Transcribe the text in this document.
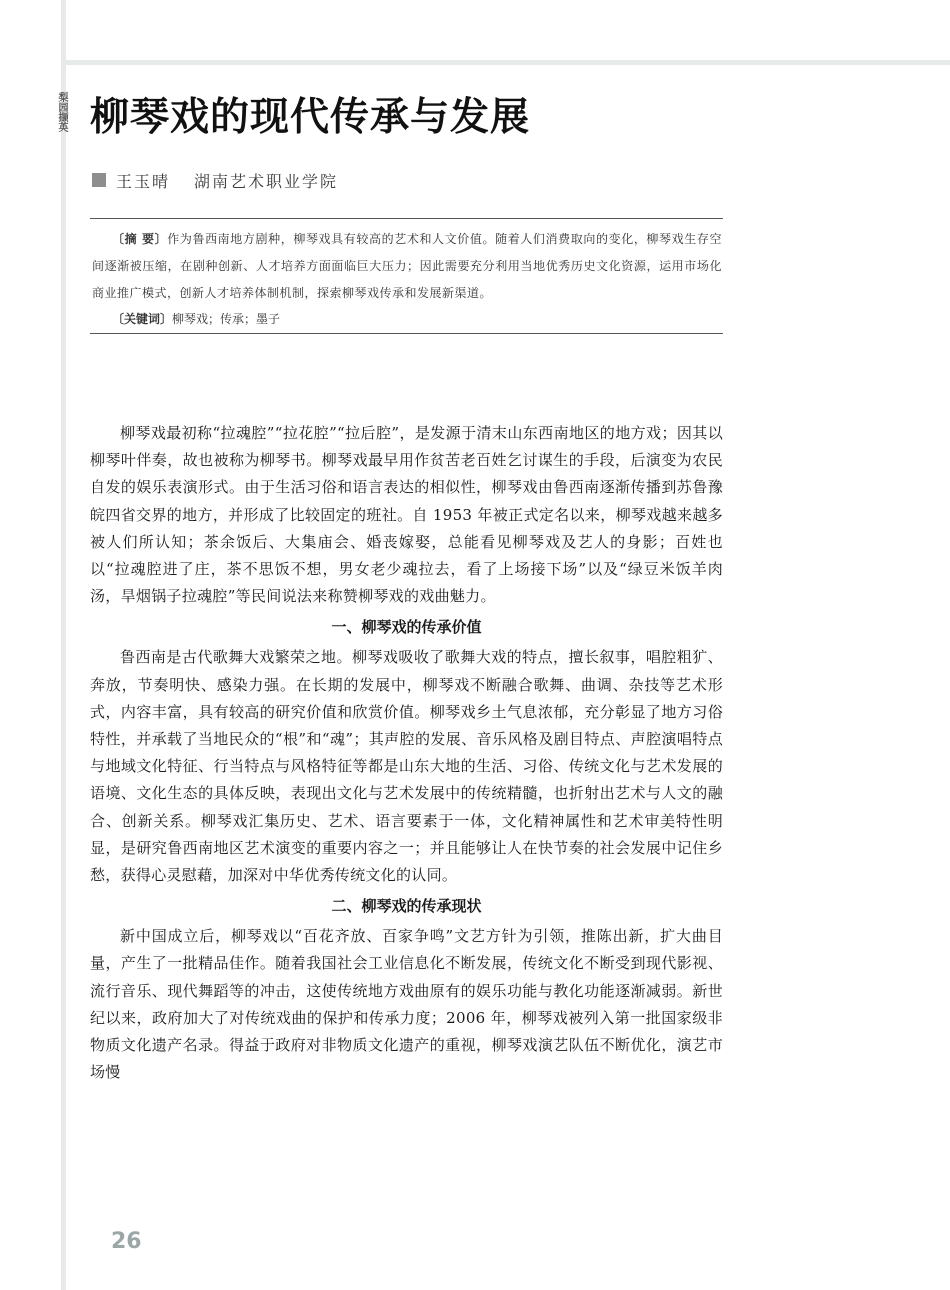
梨园撷英 柳琴戏的现代传承与发展
王玉晴 湖南艺术职业学院

〔摘 要〕作为鲁西南地方剧种，柳琴戏具有较高的艺术和人文价值。随着人们消费取向的变化，柳琴戏生存空间逐渐被压缩，在剧种创新、人才培养方面面临巨大压力；因此需要充分利用当地优秀历史文化资源，运用市场化商业推广模式，创新人才培养体制机制，探索柳琴戏传承和发展新渠道。

〔关键词〕柳琴戏；传承；墨子

柳琴戏最初称“拉魂腔”“拉花腔”“拉后腔”，是发源于清末山东西南地区的地方戏；因其以柳琴叶伴奏，故也被称为柳琴书。柳琴戏最早用作贫苦老百姓乞讨谋生的手段，后演变为农民自发的娱乐表演形式。由于生活习俗和语言表达的相似性，柳琴戏由鲁西南逐渐传播到苏鲁豫皖四省交界的地方，并形成了比较固定的班社。自 1953 年被正式定名以来，柳琴戏越来越多被人们所认知；茶余饭后、大集庙会、婚丧嫁娶，总能看见柳琴戏及艺人的身影；百姓也以“拉魂腔进了庄，茶不思饭不想，男女老少魂拉去，看了上场接下场”以及“绿豆米饭羊肉汤，旱烟锅子拉魂腔”等民间说法来称赞柳琴戏的戏曲魅力。

一、柳琴戏的传承价值

鲁西南是古代歌舞大戏繁荣之地。柳琴戏吸收了歌舞大戏的特点，擅长叙事，唱腔粗犷、奔放，节奏明快、感染力强。在长期的发展中，柳琴戏不断融合歌舞、曲调、杂技等艺术形式，内容丰富，具有较高的研究价值和欣赏价值。柳琴戏乡土气息浓郁，充分彰显了地方习俗特性，并承载了当地民众的“根”和“魂”；其声腔的发展、音乐风格及剧目特点、声腔演唱特点与地域文化特征、行当特点与风格特征等都是山东大地的生活、习俗、传统文化与艺术发展的语境、文化生态的具体反映，表现出文化与艺术发展中的传统精髓，也折射出艺术与人文的融合、创新关系。柳琴戏汇集历史、艺术、语言要素于一体，文化精神属性和艺术审美特性明显，是研究鲁西南地区艺术演变的重要内容之一；并且能够让人在快节奏的社会发展中记住乡愁，获得心灵慰藉，加深对中华优秀传统文化的认同。

二、柳琴戏的传承现状

新中国成立后，柳琴戏以“百花齐放、百家争鸣”文艺方针为引领，推陈出新，扩大曲目量，产生了一批精品佳作。随着我国社会工业信息化不断发展，传统文化不断受到现代影视、流行音乐、现代舞蹈等的冲击，这使传统地方戏曲原有的娱乐功能与教化功能逐渐减弱。新世纪以来，政府加大了对传统戏曲的保护和传承力度；2006 年，柳琴戏被列入第一批国家级非物质文化遗产名录。得益于政府对非物质文化遗产的重视，柳琴戏演艺队伍不断优化，演艺市场慢

26
